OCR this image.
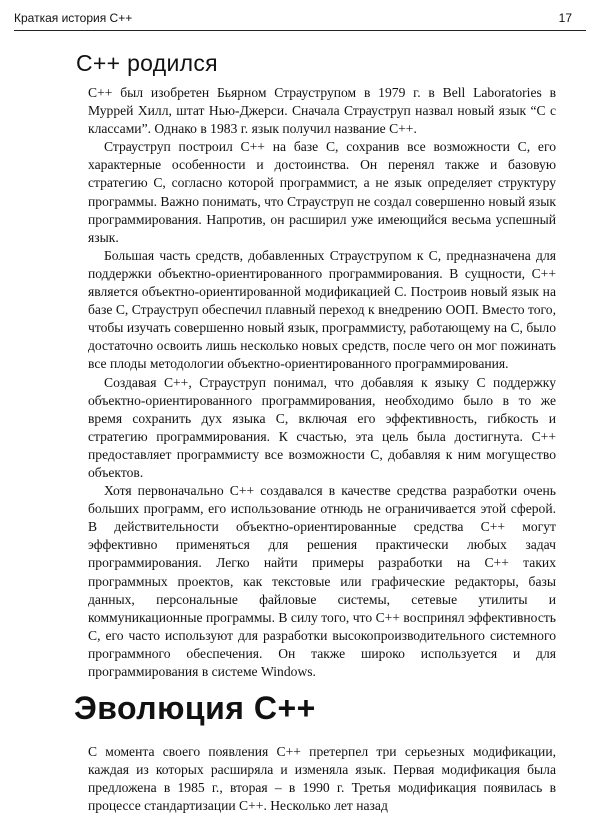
Краткая история С++	17
С++ родился

С++ был изобретен Бьярном Страуструпом в 1979 г. в Bell Laboratories в Муррей Хилл, штат Нью-Джерси. Сначала Страуструп назвал новый язык “С с классами”. Однако в 1983 г. язык получил название С++.

Страуструп построил С++ на базе С, сохранив все возможности С, его характерные особенности и достоинства. Он перенял также и базовую стратегию С, согласно которой программист, а не язык определяет структуру программы. Важно понимать, что Страуструп не создал совершенно новый язык программирования. Напротив, он расширил уже имеющийся весьма успешный язык.

Большая часть средств, добавленных Страуструпом к С, предназначена для поддержки объектно-ориентированного программирования. В сущности, С++ является объектно-ориентированной модификацией С. Построив новый язык на базе С, Страуструп обеспечил плавный переход к внедрению ООП. Вместо того, чтобы изучать совершенно новый язык, программисту, работающему на С, было достаточно освоить лишь несколько новых средств, после чего он мог пожинать все плоды методологии объектно-ориентированного программирования.

Создавая С++, Страуструп понимал, что добавляя к языку С поддержку объектно-ориентированного программирования, необходимо было в то же время сохранить дух языка С, включая его эффективность, гибкость и стратегию программирования. К счастью, эта цель была достигнута. С++ предоставляет программисту все возможности С, добавляя к ним могущество объектов.

Хотя первоначально С++ создавался в качестве средства разработки очень больших программ, его использование отнюдь не ограничивается этой сферой. В действительности объектно-ориентированные средства С++ могут эффективно применяться для решения практически любых задач программирования. Легко найти примеры разработки на С++ таких программных проектов, как текстовые или графические редакторы, базы данных, персональные файловые системы, сетевые утилиты и коммуникационные программы. В силу того, что С++ воспринял эффективность С, его часто используют для разработки высокопроизводительного системного программного обеспечения. Он также широко используется и для программирования в системе Windows.

Эволюция С++

С момента своего появления С++ претерпел три серьезных модификации, каждая из которых расширяла и изменяла язык. Первая модификация была предложена в 1985 г., вторая – в 1990 г. Третья модификация появилась в процессе стандартизации С++. Несколько лет назад
